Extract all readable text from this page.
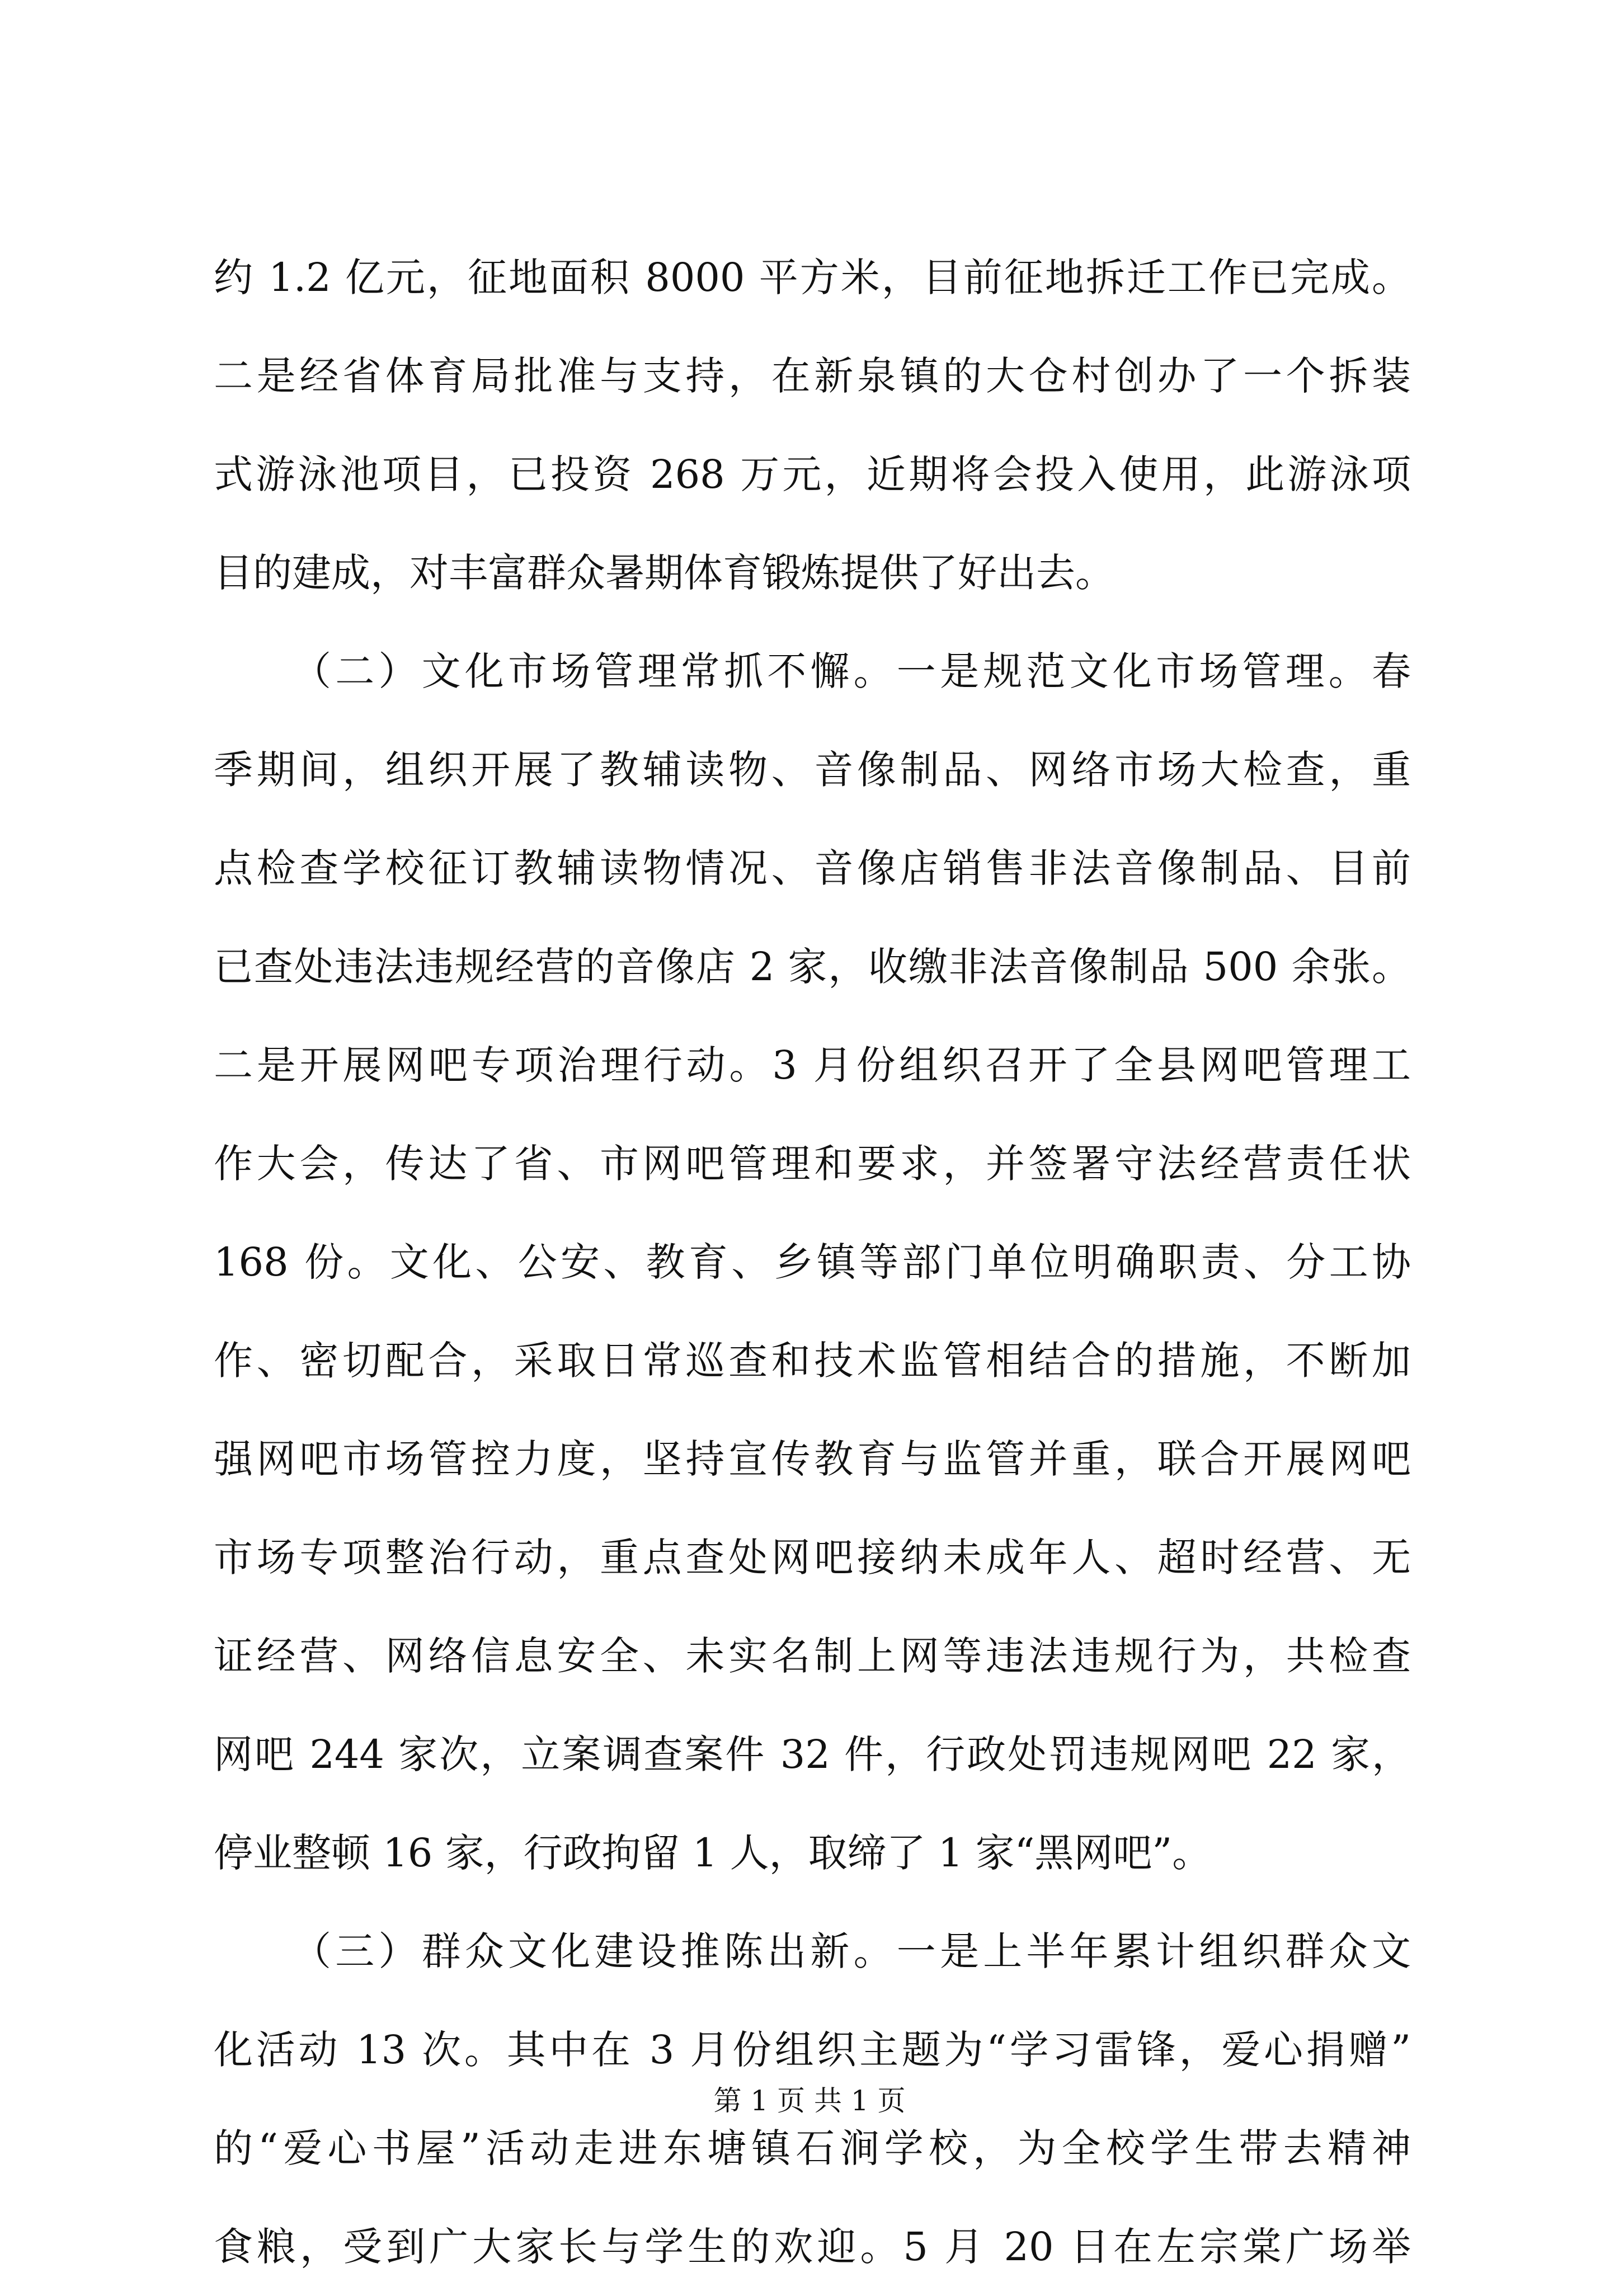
约 1.2 亿元，征地面积 8000 平方米，目前征地拆迁工作已完成。
二是经省体育局批准与支持，在新泉镇的大仓村创办了一个拆装
式游泳池项目，已投资 268 万元，近期将会投入使用，此游泳项
目的建成，对丰富群众暑期体育锻炼提供了好出去。
（二）文化市场管理常抓不懈。一是规范文化市场管理。春
季期间，组织开展了教辅读物、音像制品、网络市场大检查，重
点检查学校征订教辅读物情况、音像店销售非法音像制品、目前
已查处违法违规经营的音像店 2 家，收缴非法音像制品 500 余张。
二是开展网吧专项治理行动。3 月份组织召开了全县网吧管理工
作大会，传达了省、市网吧管理和要求，并签署守法经营责任状
168 份。文化、公安、教育、乡镇等部门单位明确职责、分工协
作、密切配合，采取日常巡查和技术监管相结合的措施，不断加
强网吧市场管控力度，坚持宣传教育与监管并重，联合开展网吧
市场专项整治行动，重点查处网吧接纳未成年人、超时经营、无
证经营、网络信息安全、未实名制上网等违法违规行为，共检查
网吧 244 家次，立案调查案件 32 件，行政处罚违规网吧 22 家，
停业整顿 16 家，行政拘留 1 人，取缔了 1 家“黑网吧”。
（三）群众文化建设推陈出新。一是上半年累计组织群众文
化活动 13 次。其中在 3 月份组织主题为“学习雷锋，爱心捐赠”
的“爱心书屋”活动走进东塘镇石涧学校，为全校学生带去精神
食粮，受到广大家长与学生的欢迎。5 月 20 日在左宗棠广场举
第 1 页 共 1 页
